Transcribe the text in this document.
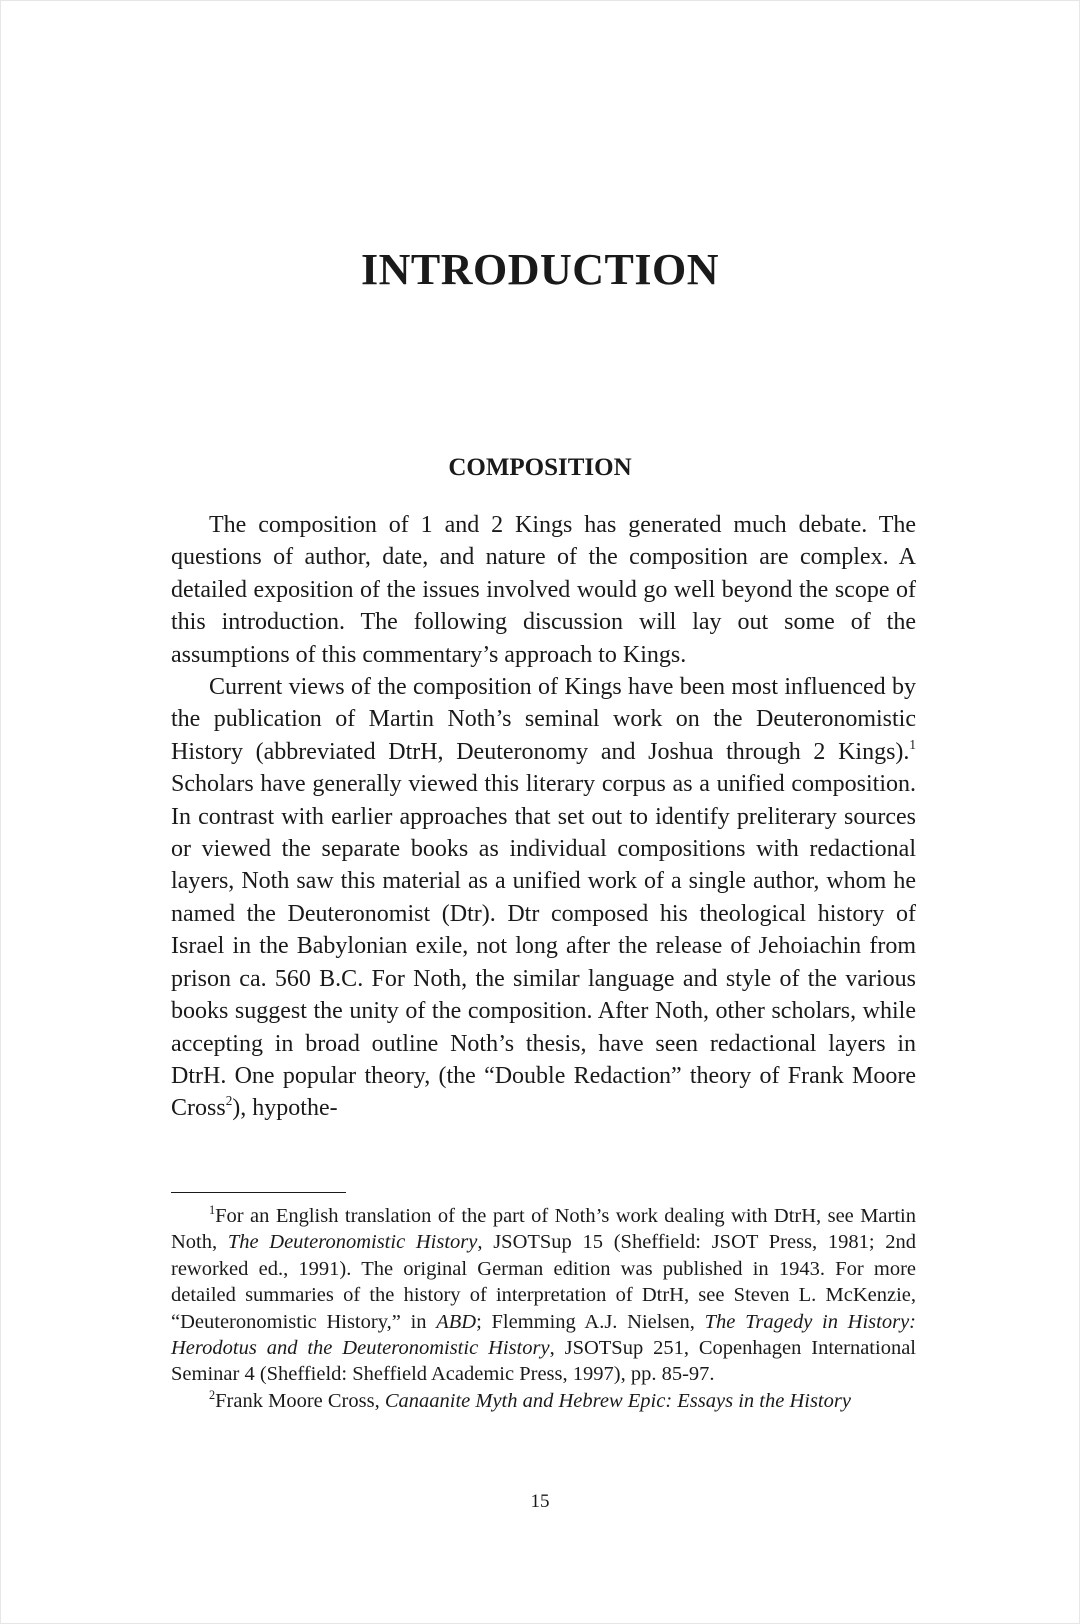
INTRODUCTION
COMPOSITION

The composition of 1 and 2 Kings has generated much debate. The questions of author, date, and nature of the composition are complex. A detailed exposition of the issues involved would go well beyond the scope of this introduction. The following discussion will lay out some of the assumptions of this commentary’s approach to Kings.

Current views of the composition of Kings have been most influenced by the publication of Martin Noth’s seminal work on the Deuteronomistic History (abbreviated DtrH, Deuteronomy and Joshua through 2 Kings).$^1$ Scholars have generally viewed this literary corpus as a unified composition. In contrast with earlier approaches that set out to identify preliterary sources or viewed the separate books as individual compositions with redactional layers, Noth saw this material as a unified work of a single author, whom he named the Deuteronomist (Dtr). Dtr composed his theological history of Israel in the Babylonian exile, not long after the release of Jehoiachin from prison ca. 560 B.C. For Noth, the similar language and style of the various books suggest the unity of the composition. After Noth, other scholars, while accepting in broad outline Noth’s thesis, have seen redactional layers in DtrH. One popular theory, (the “Double Redaction” theory of Frank Moore Cross$^2$), hypothe-

$^1$For an English translation of the part of Noth’s work dealing with DtrH, see Martin Noth, The Deuteronomistic History, JSOTSup 15 (Sheffield: JSOT Press, 1981; 2nd reworked ed., 1991). The original German edition was published in 1943. For more detailed summaries of the history of interpretation of DtrH, see Steven L. McKenzie, “Deuteronomistic History,” in ABD; Flemming A.J. Nielsen, The Tragedy in History: Herodotus and the Deuteronomistic History, JSOTSup 251, Copenhagen International Seminar 4 (Sheffield: Sheffield Academic Press, 1997), pp. 85-97.

$^2$Frank Moore Cross, Canaanite Myth and Hebrew Epic: Essays in the History

15
